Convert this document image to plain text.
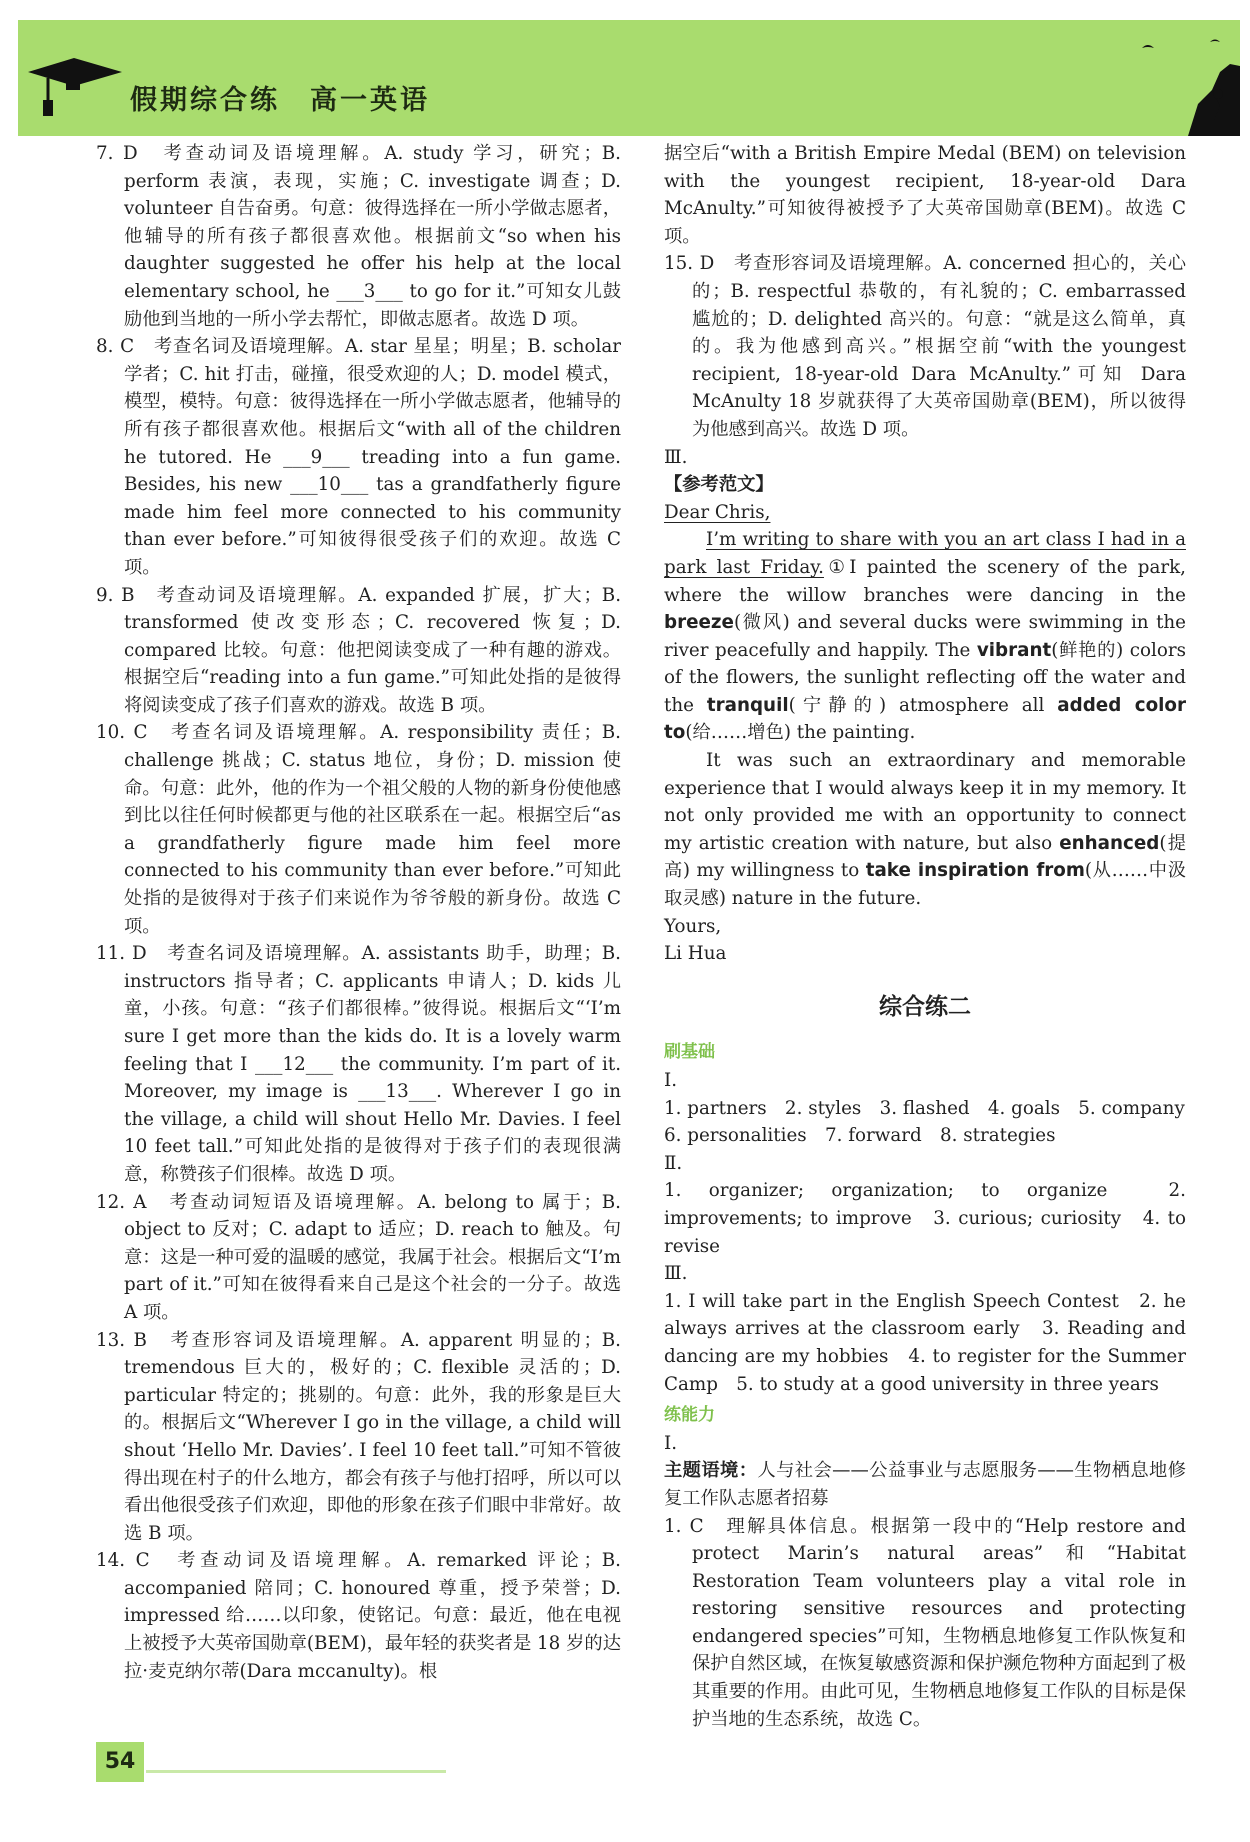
假期综合练 高一英语

7. D　考查动词及语境理解。A. study 学习，研究；B. perform 表演，表现，实施；C. investigate 调查；D. volunteer 自告奋勇。句意：彼得选择在一所小学做志愿者，他辅导的所有孩子都很喜欢他。根据前文“so when his daughter suggested he offer his help at the local elementary school, he ___3___ to go for it.”可知女儿鼓励他到当地的一所小学去帮忙，即做志愿者。故选 D 项。

8. C　考查名词及语境理解。A. star 星星；明星；B. scholar 学者；C. hit 打击，碰撞，很受欢迎的人；D. model 模式，模型，模特。句意：彼得选择在一所小学做志愿者，他辅导的所有孩子都很喜欢他。根据后文“with all of the children he tutored. He ___9___ treading into a fun game. Besides, his new ___10___ tas a grandfatherly figure made him feel more connected to his community than ever before.”可知彼得很受孩子们的欢迎。故选 C 项。

9. B　考查动词及语境理解。A. expanded 扩展，扩大；B. transformed 使改变形态；C. recovered 恢复；D. compared 比较。句意：他把阅读变成了一种有趣的游戏。根据空后“reading into a fun game.”可知此处指的是彼得将阅读变成了孩子们喜欢的游戏。故选 B 项。

10. C　考查名词及语境理解。A. responsibility 责任；B. challenge 挑战；C. status 地位，身份；D. mission 使命。句意：此外，他的作为一个祖父般的人物的新身份使他感到比以往任何时候都更与他的社区联系在一起。根据空后“as a grandfatherly figure made him feel more connected to his community than ever before.”可知此处指的是彼得对于孩子们来说作为爷爷般的新身份。故选 C 项。

11. D　考查名词及语境理解。A. assistants 助手，助理；B. instructors 指导者；C. applicants 申请人；D. kids 儿童，小孩。句意：“孩子们都很棒。”彼得说。根据后文“‘I’m sure I get more than the kids do. It is a lovely warm feeling that I ___12___ the community. I’m part of it. Moreover, my image is ___13___. Wherever I go in the village, a child will shout Hello Mr. Davies. I feel 10 feet tall.”可知此处指的是彼得对于孩子们的表现很满意，称赞孩子们很棒。故选 D 项。

12. A　考查动词短语及语境理解。A. belong to 属于；B. object to 反对；C. adapt to 适应；D. reach to 触及。句意：这是一种可爱的温暖的感觉，我属于社会。根据后文“I’m part of it.”可知在彼得看来自己是这个社会的一分子。故选 A 项。

13. B　考查形容词及语境理解。A. apparent 明显的；B. tremendous 巨大的，极好的；C. flexible 灵活的；D. particular 特定的；挑剔的。句意：此外，我的形象是巨大的。根据后文“Wherever I go in the village, a child will shout ‘Hello Mr. Davies’. I feel 10 feet tall.”可知不管彼得出现在村子的什么地方，都会有孩子与他打招呼，所以可以看出他很受孩子们欢迎，即他的形象在孩子们眼中非常好。故选 B 项。

14. C　考查动词及语境理解。A. remarked 评论；B. accompanied 陪同；C. honoured 尊重，授予荣誉；D. impressed 给……以印象，使铭记。句意：最近，他在电视上被授予大英帝国勋章(BEM)，最年轻的获奖者是 18 岁的达拉·麦克纳尔蒂(Dara mccanulty)。根

据空后“with a British Empire Medal (BEM) on television with the youngest recipient, 18-year-old Dara McAnulty.”可知彼得被授予了大英帝国勋章(BEM)。故选 C 项。

15. D　考查形容词及语境理解。A. concerned 担心的，关心的；B. respectful 恭敬的，有礼貌的；C. embarrassed 尴尬的；D. delighted 高兴的。句意：“就是这么简单，真的。我为他感到高兴。”根据空前“with the youngest recipient, 18-year-old Dara McAnulty.”可知 Dara McAnulty 18 岁就获得了大英帝国勋章(BEM)，所以彼得为他感到高兴。故选 D 项。

Ⅲ.

【参考范文】

Dear Chris,

I’m writing to share with you an art class I had in a park last Friday.①I painted the scenery of the park, where the willow branches were dancing in the breeze(微风) and several ducks were swimming in the river peacefully and happily. The vibrant(鲜艳的) colors of the flowers, the sunlight reflecting off the water and the tranquil(宁静的) atmosphere all added color to(给……增色) the painting.

It was such an extraordinary and memorable experience that I would always keep it in my memory. It not only provided me with an opportunity to connect my artistic creation with nature, but also enhanced(提高) my willingness to take inspiration from(从……中汲取灵感) nature in the future.

Yours,

Li Hua

综合练二

刷基础

Ⅰ.

1. partners　2. styles　3. flashed　4. goals　5. company

6. personalities　7. forward　8. strategies

Ⅱ.

1. organizer; organization; to organize　2. improvements; to improve　3. curious; curiosity　4. to revise

Ⅲ.

1. I will take part in the English Speech Contest　2. he always arrives at the classroom early　3. Reading and dancing are my hobbies　4. to register for the Summer Camp　5. to study at a good university in three years

练能力

Ⅰ.

主题语境：人与社会——公益事业与志愿服务——生物栖息地修复工作队志愿者招募

1. C　理解具体信息。根据第一段中的“Help restore and protect Marin’s natural areas”和“Habitat Restoration Team volunteers play a vital role in restoring sensitive resources and protecting endangered species”可知，生物栖息地修复工作队恢复和保护自然区域，在恢复敏感资源和保护濒危物种方面起到了极其重要的作用。由此可见，生物栖息地修复工作队的目标是保护当地的生态系统，故选 C。

54
